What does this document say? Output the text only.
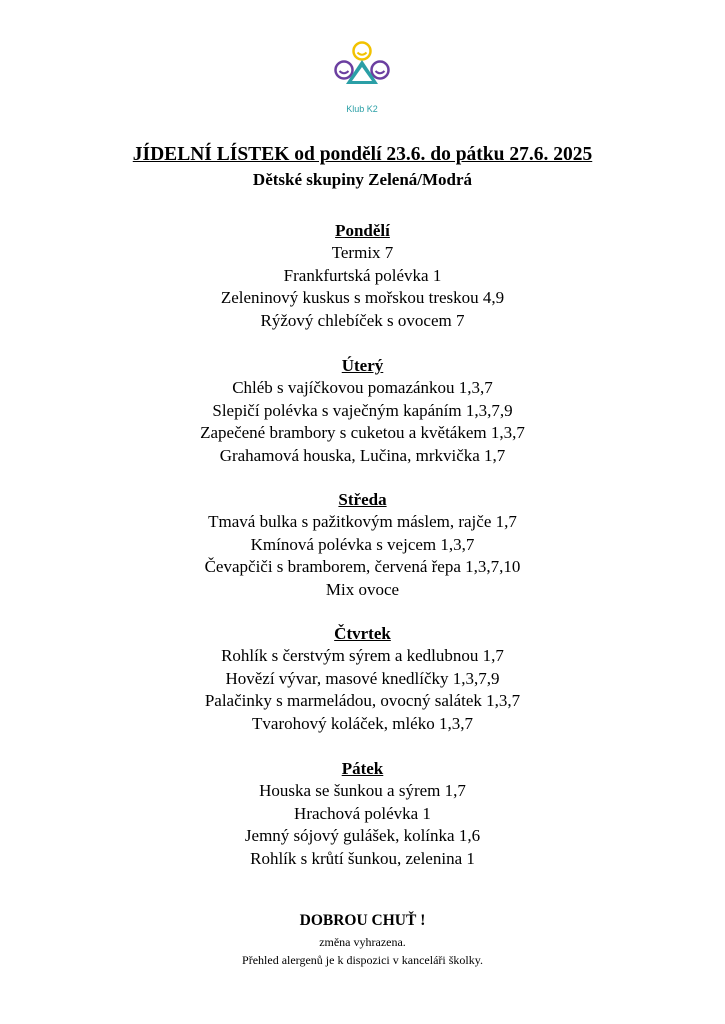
Klub K2
JÍDELNÍ LÍSTEK od pondělí 23.6. do pátku 27.6. 2025
Dětské skupiny Zelená/Modrá
Pondělí
Termix 7
Frankfurtská polévka 1
Zeleninový kuskus s mořskou treskou 4,9
Rýžový chlebíček s ovocem 7
Úterý
Chléb s vajíčkovou pomazánkou 1,3,7
Slepičí polévka s vaječným kapáním 1,3,7,9
Zapečené brambory s cuketou a květákem 1,3,7
Grahamová houska, Lučina, mrkvička 1,7
Středa
Tmavá bulka s pažitkovým máslem, rajče 1,7
Kmínová polévka s vejcem 1,3,7
Čevapčiči s bramborem, červená řepa 1,3,7,10
Mix ovoce
Čtvrtek
Rohlík s čerstvým sýrem a kedlubnou 1,7
Hovězí vývar, masové knedlíčky 1,3,7,9
Palačinky s marmeládou, ovocný salátek 1,3,7
Tvarohový koláček, mléko 1,3,7
Pátek
Houska se šunkou a sýrem 1,7
Hrachová polévka 1
Jemný sójový gulášek, kolínka 1,6
Rohlík s krůtí šunkou, zelenina 1
DOBROU CHUŤ !
změna vyhrazena.
Přehled alergenů je k dispozici v kanceláři školky.
